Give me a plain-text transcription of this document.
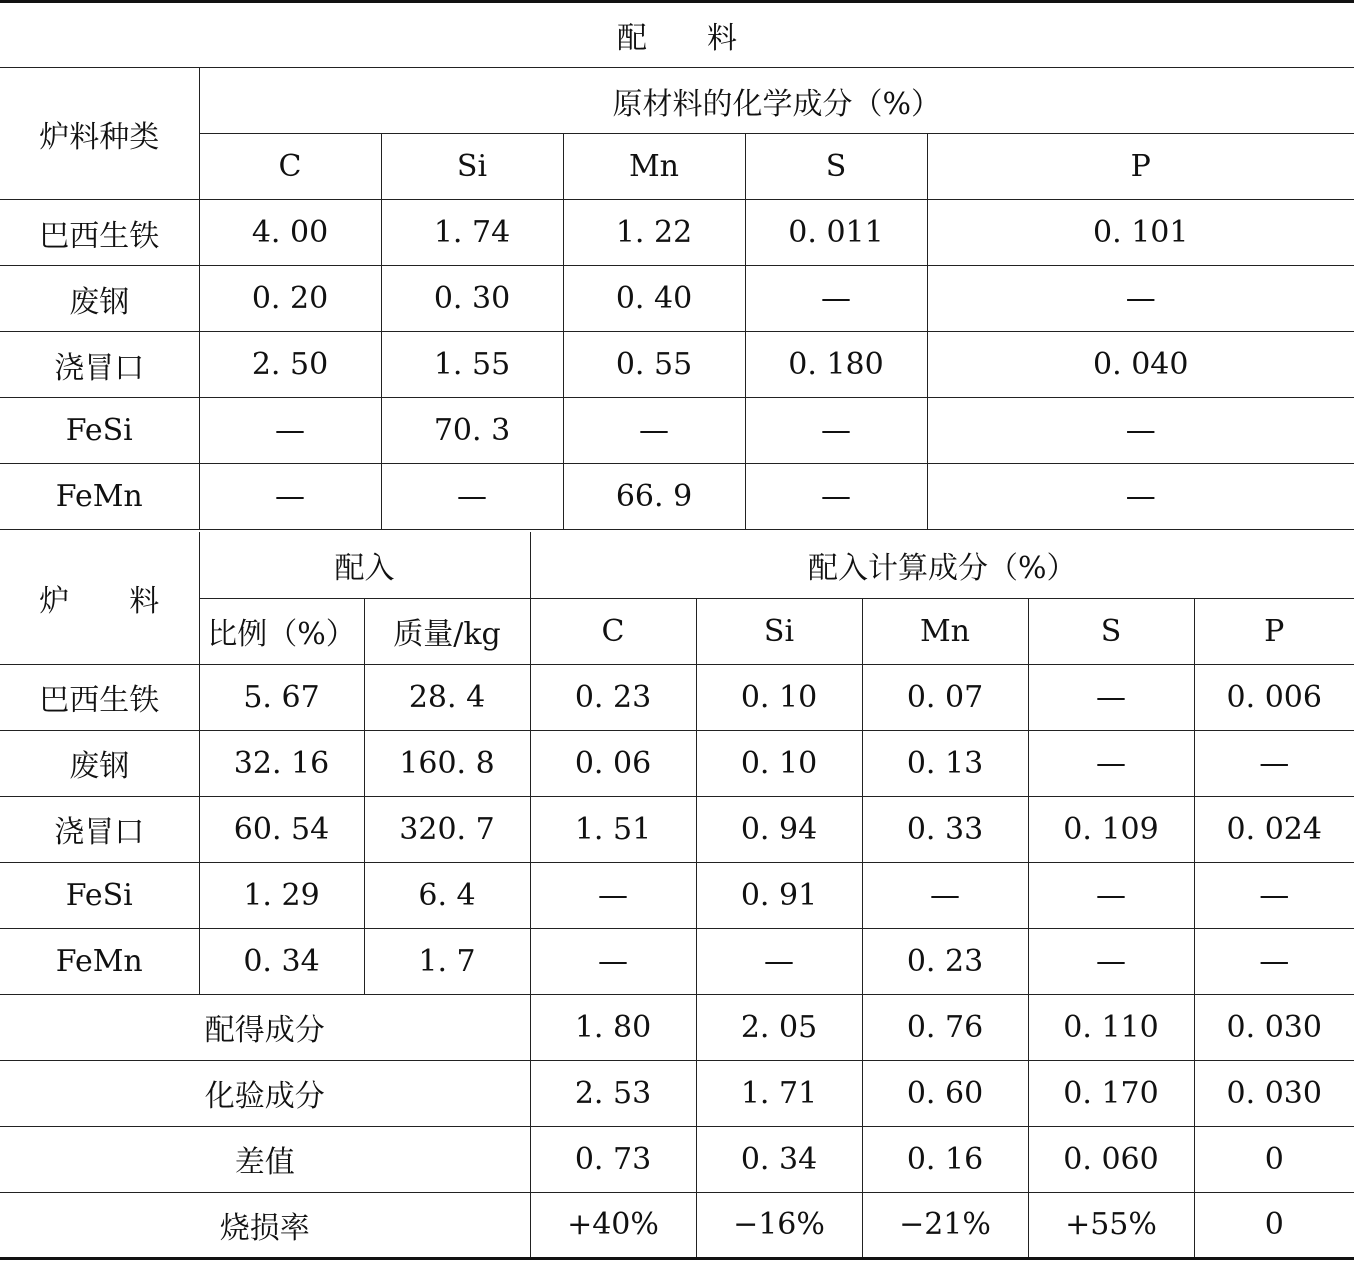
配　　料					
炉料种类	原材料的化学成分（%）				
	C	Si	Mn	S	P
巴西生铁	4. 00	1. 74	1. 22	0. 011	0. 101
废钢	0. 20	0. 30	0. 40	—	—
浇冒口	2. 50	1. 55	0. 55	0. 180	0. 040
FeSi	—	70. 3	—	—	—
FeMn	—	—	66. 9	—	—
炉　　料	配入		配入计算成分（%）				
	比例（%）	质量/kg	C	Si	Mn	S	P
巴西生铁	5. 67	28. 4	0. 23	0. 10	0. 07	—	0. 006
废钢	32. 16	160. 8	0. 06	0. 10	0. 13	—	—
浇冒口	60. 54	320. 7	1. 51	0. 94	0. 33	0. 109	0. 024
FeSi	1. 29	6. 4	—	0. 91	—	—	—
FeMn	0. 34	1. 7	—	—	0. 23	—	—
配得成分			1. 80	2. 05	0. 76	0. 110	0. 030
化验成分			2. 53	1. 71	0. 60	0. 170	0. 030
差值			0. 73	0. 34	0. 16	0. 060	0
烧损率			+40%	−16%	−21%	+55%	0
